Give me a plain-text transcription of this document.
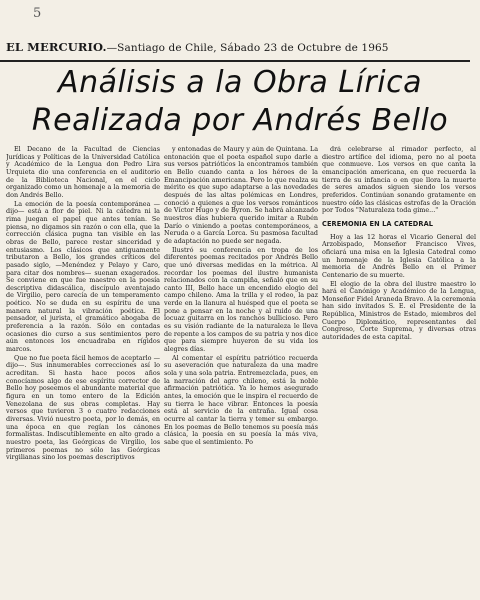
5
EL MERCURIO.—Santiago de Chile, Sábado 23 de Octubre de 1965
Análisis a la Obra Lírica
Realizada por Andrés Bello

El Decano de la Facultad de Ciencias Jurídicas y Políticas de la Universidad Católica y Académico de la Lengua don Pedro Lira Urquieta dio una conferencia en el auditorio de la Biblioteca Nacional, en el ciclo organizado como un homenaje a la memoria de don Andrés Bello.

La emoción de la poesía contemporánea —dijo— está a flor de piel. Ni la cátedra ni la rima juegan el papel que antes tenían. Se piensa, no digamos sin razón o con ella, que la corrección clásica pugna tan visible en las obras de Bello, parece restar sinceridad y entusiasmo. Los clásicos que antiguamente tributaron a Bello, los grandes críticos del pasado siglo, —Menéndez y Pelayo y Caro, para citar dos nombres— suenan exagerados. Se conviene en que fue maestro en la poesía descriptiva didascálica, discípulo aventajado de Virgilio, pero carecía de un temperamento poético. No se duda en su espíritu de una manera natural la vibración poética. El pensador, el jurista, el gramático abogaba de preferencia a la razón. Sólo en contadas ocasiones dio curso a sus sentimientos pero aún entonces los encuadraba en rígidos marcos.

Que no fue poeta fácil hemos de aceptarlo —dijo—. Sus innumerables correcciones así lo acreditan. Si hasta hace pocos años conocíamos algo de ese espíritu corrector de Bello hoy poseemos el abundante material que figura en un tomo entero de la Edición Venezolana de sus obras completas. Hay versos que tuvieron 3 o cuatro redacciones diversas. Vivió nuestro poeta, por lo demás, en una época en que regían los cánones formalistas. Indiscutiblemente en alto grado a nuestro poeta, las Geórgicas de Virgilio, los primeros poemas no sólo las Geórgicas virgilianas sino los poemas descriptivos

y entonadas de Maury y aún de Quintana. La entonación que el poeta español supo darle a sus versos patrióticos la encontramos también en Bello cuando canta a los héroes de la Emancipación americana. Pero lo que realza su mérito es que supo adaptarse a las novedades después de las altas polémicas en Londres, conoció a quienes a que los versos románticos de Víctor Hugo y de Byron. Se habrá alcanzado nuestros días hubiera querido imitar a Rubén Darío o viniendo a poetas contemporáneos, a Neruda o a García Lorca. Su pasmosa facultad de adaptación no puede ser negada.

Ilustró su conferencia en tropa de los diferentes poemas recitados por Andrés Bello que unó diversas medidas en la métrica. Al recordar los poemas del ilustre humanista relacionados con la campiña, señaló que en su canto III, Bello hace un encendido elogio del campo chileno. Ama la trilla y el rodeo, la paz verde en la llanura al huésped que el poeta se pone a pensar en la noche y al ruido de una locuaz guitarra en los ranchos bullicioso. Pero es su visión radiante de la naturaleza le lleva de repente a los campos de su patria y nos dice que para siempre huyeron de su vida los alegres días.

Al comentar el espíritu patriótico recuerda su aseveración que naturaleza da una madre sola y una sola patria. Entremezclada, pues, en la narración del agro chileno, está la noble afirmación patriótica. Ya lo hemos asegurado antes, la emoción que le inspira el recuerdo de su tierra le hace vibrar. Entonces la poesía está al servicio de la entraña. Igual cosa ocurre al cantar la tierra y temer su embargo. En los poemas de Bello tenemos su poesía más clásica, la poesía en su poesía la más viva, sabe que el sentimiento. Po

drá celebrarse al rimador perfecto, al diestro artífice del idioma, pero no al poeta que conmueve. Los versos en que canta la emancipación americana, en que recuerda la tierra de su infancia o en que llora la muerte de seres amados siguen siendo los versos preferidos. Continúan sonando gratamente en nuestro oído las clásicas estrofas de la Oración por Todos "Naturaleza toda gime..."

CEREMONIA EN LA CATEDRAL

Hoy a las 12 horas el Vicario General del Arzobispado, Monseñor Francisco Vives, oficiará una misa en la Iglesia Catedral como un homenaje de la Iglesia Católica a la memoria de Andrés Bello en el Primer Centenario de su muerte.

El elogio de la obra del ilustre maestro lo hará el Canónigo y Académico de la Lengua, Monseñor Fidel Araneda Bravo. A la ceremonia han sido invitados S. E. el Presidente de la República, Ministros de Estado, miembros del Cuerpo Diplomático, representantes del Congreso, Corte Suprema, y diversas otras autoridades de esta capital.
